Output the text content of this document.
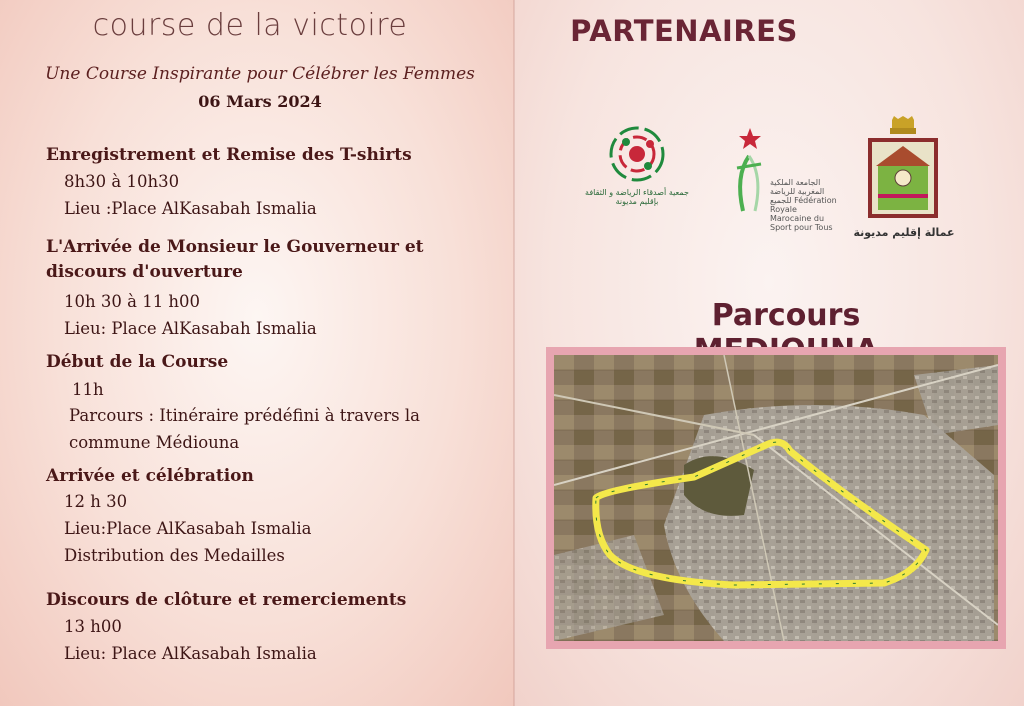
course de la victoire
Une Course Inspirante pour Célébrer les Femmes
06 Mars 2024
Enregistrement et Remise des T-shirts
8h30 à 10h30
Lieu :Place AlKasabah Ismalia
L'Arrivée de Monsieur le Gouverneur et
discours d'ouverture
10h 30 à 11 h00
Lieu: Place AlKasabah Ismalia
Début de la Course
11h
Parcours : Itinéraire prédéfini à travers la
commune Médiouna
Arrivée et célébration
12 h 30
Lieu:Place AlKasabah Ismalia
Distribution des Medailles
Discours de clôture et remerciements
13 h00
Lieu: Place AlKasabah Ismalia
PARTENAIRES
جمعية أصدقاء الرياضة و الثقافة بإقليم مديونة
الجامعة الملكية المغربية للرياضة للجميع Fédération Royale Marocaine du Sport pour Tous	عمالة إقليم مديونة
Parcours
